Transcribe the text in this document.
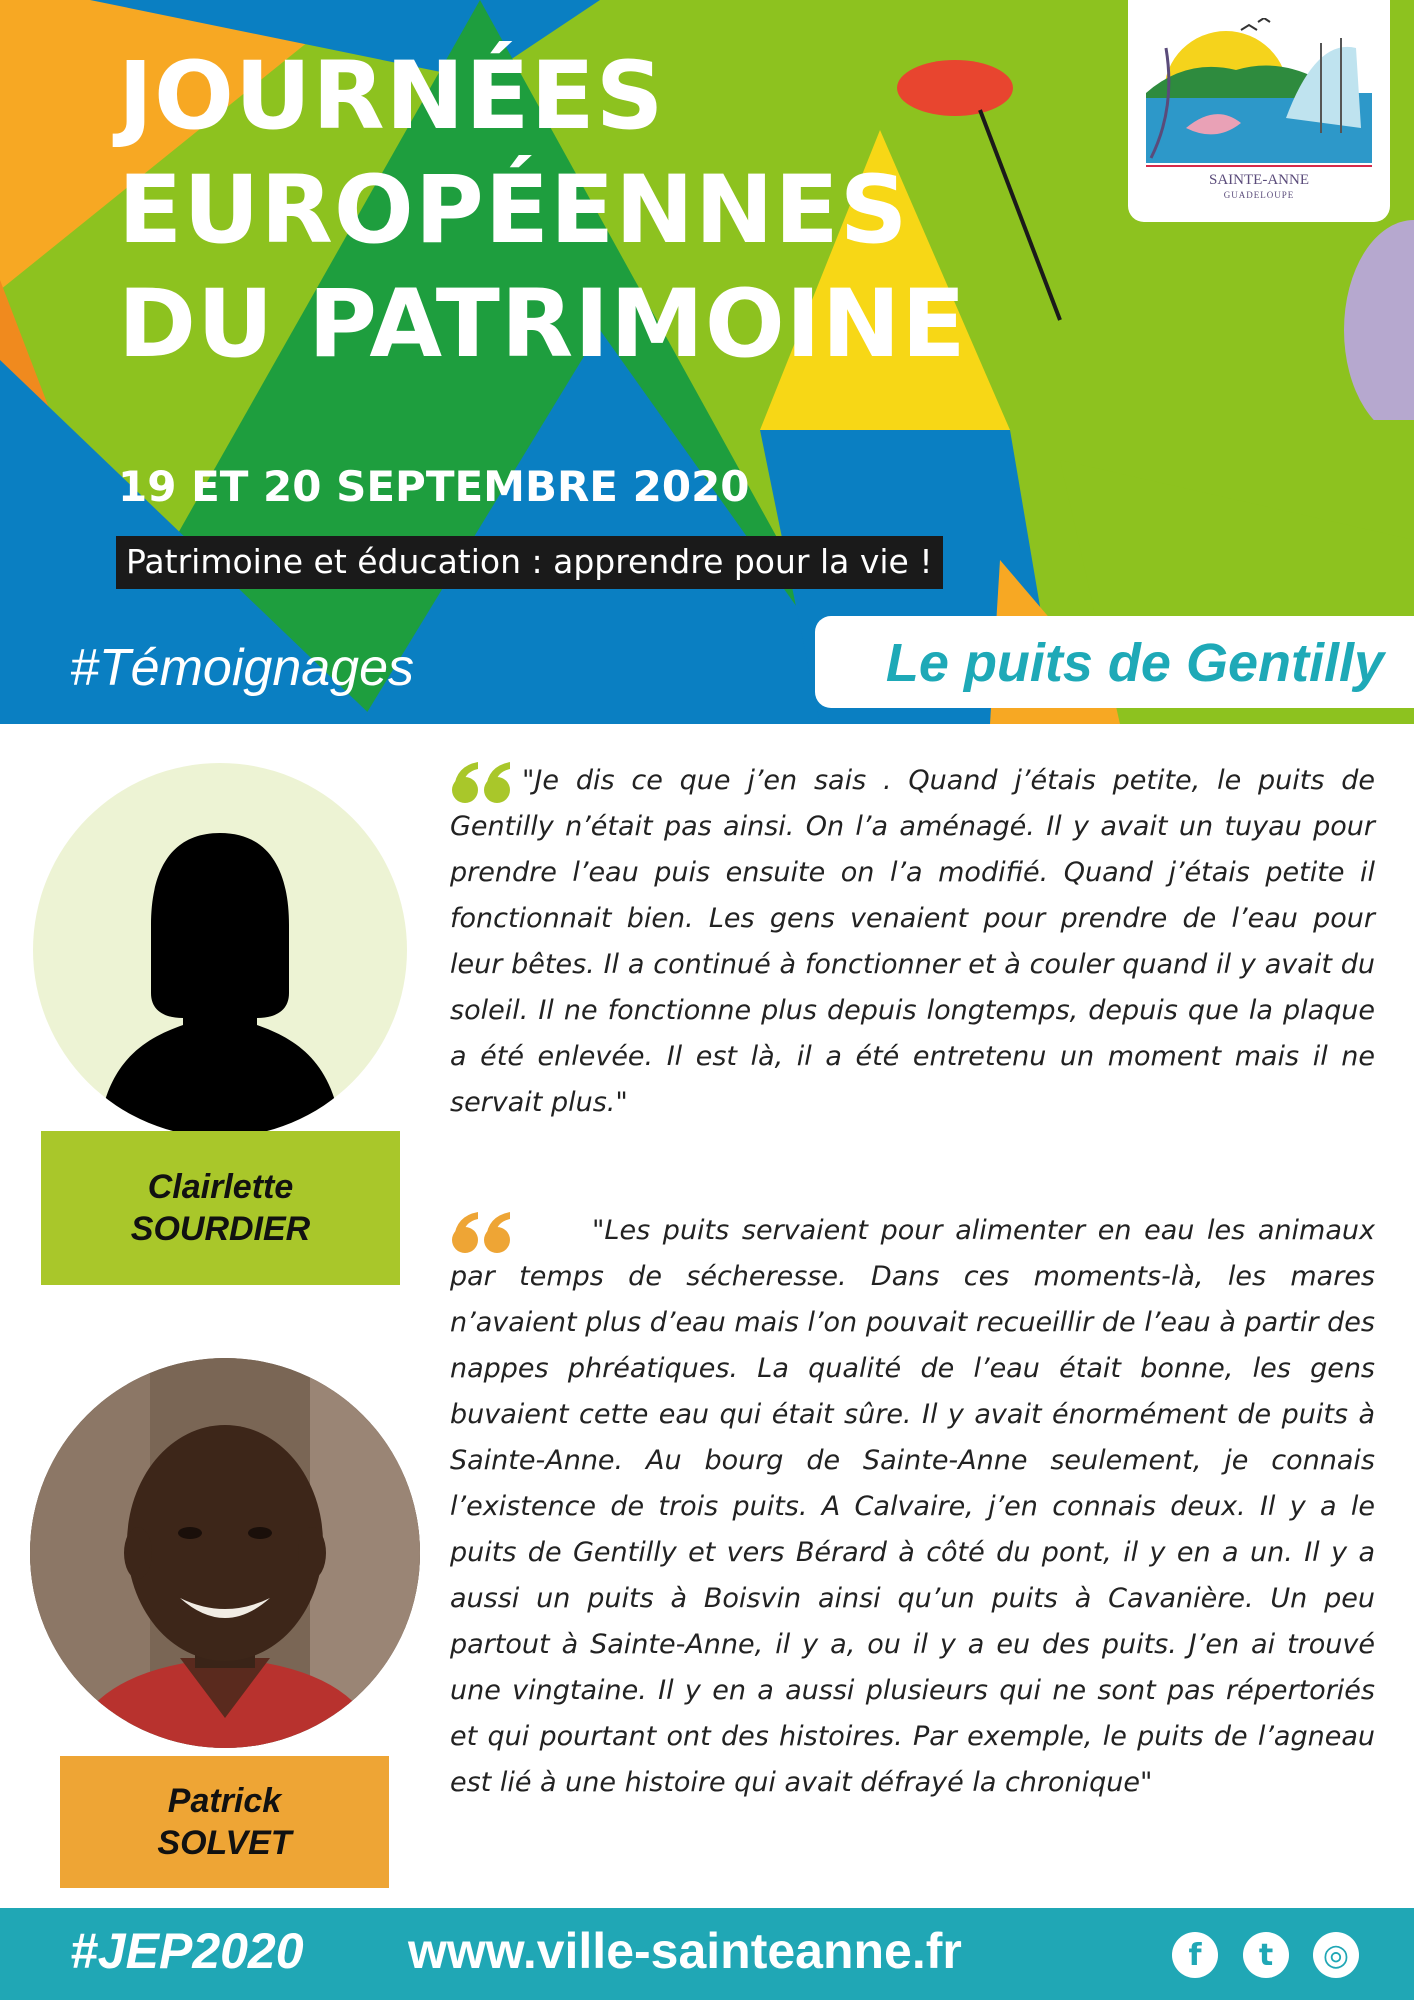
JOURNÉES
EUROPÉENNES
DU PATRIMOINE
19 ET 20 SEPTEMBRE 2020
Patrimoine et éducation : apprendre pour la vie !
SAINTE-ANNE
GUADELOUPE
#Témoignages	Le puits de Gentilly
Clairlette
SOURDIER
"Je dis ce que j’en sais . Quand j’étais petite, le puits de Gentilly n’était pas ainsi. On l’a aménagé. Il y avait un tuyau pour prendre l’eau puis ensuite on l’a modifié. Quand j’étais petite il fonctionnait bien. Les gens venaient pour prendre de l’eau pour leur bêtes. Il a continué à fonctionner et à couler quand il y avait du soleil. Il ne fonctionne plus depuis longtemps, depuis que la plaque a été enlevée. Il est là, il a été entretenu un moment mais il ne servait plus."
Patrick
SOLVET
"Les puits servaient pour alimenter en eau les animaux par temps de sécheresse. Dans ces moments-là, les mares n’avaient plus d’eau mais l’on pouvait recueillir de l’eau à partir des nappes phréatiques. La qualité de l’eau était bonne, les gens buvaient cette eau qui était sûre. Il y avait énormément de puits à Sainte-Anne. Au bourg de Sainte-Anne seulement, je connais l’existence de trois puits. A Calvaire, j’en connais deux. Il y a le puits de Gentilly et vers Bérard à côté du pont, il y en a un. Il y a aussi un puits à Boisvin ainsi qu’un puits à Cavanière. Un peu partout à Sainte-Anne, il y a, ou il y a eu des puits. J’en ai trouvé une vingtaine. Il y en a aussi plusieurs qui ne sont pas répertoriés et qui pourtant ont des histoires. Par exemple, le puits de l’agneau est lié à une histoire qui avait défrayé la chronique"
#JEP2020 www.ville-sainteanne.fr	f	t	◎
